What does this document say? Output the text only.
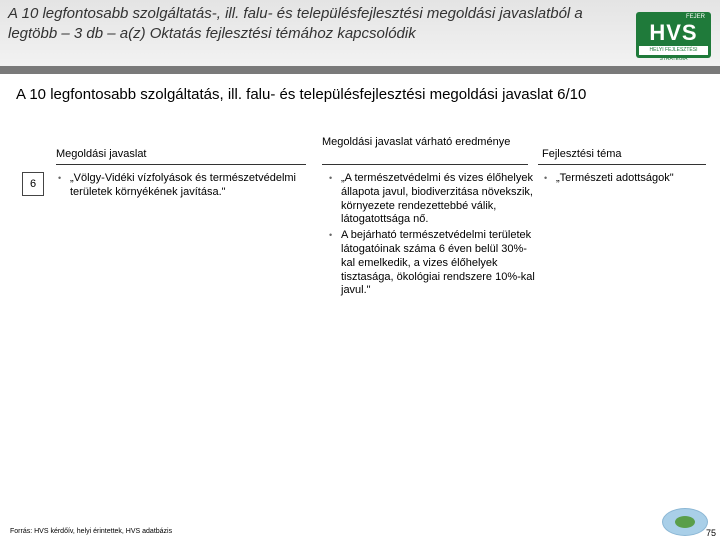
A 10 legfontosabb szolgáltatás-, ill. falu- és településfejlesztési megoldási javaslatból a legtöbb – 3 db – a(z) Oktatás fejlesztési témához kapcsolódik
FEJER
HVS
HELYI FEJLESZTÉSI STRATÉGIA
A 10 legfontosabb szolgáltatás, ill. falu- és településfejlesztési megoldási javaslat 6/10
Megoldási javaslat
Megoldási javaslat várható eredménye
Fejlesztési téma
6
•	„Völgy-Vidéki vízfolyások és természetvédelmi területek környékének javítása."
• „A természetvédelmi és vizes élőhelyek állapota javul, biodiverzitása növekszik, környezete rendezettebbé válik, látogatottsága nő.
• A bejárható természetvédelmi területek látogatóinak száma 6 éven belül 30%-kal emelkedik, a vizes élőhelyek tisztasága, ökológiai rendszere 10%-kal javul."
• „Természeti adottságok"
Forrás: HVS kérdőív, helyi érintettek, HVS adatbázis	75
